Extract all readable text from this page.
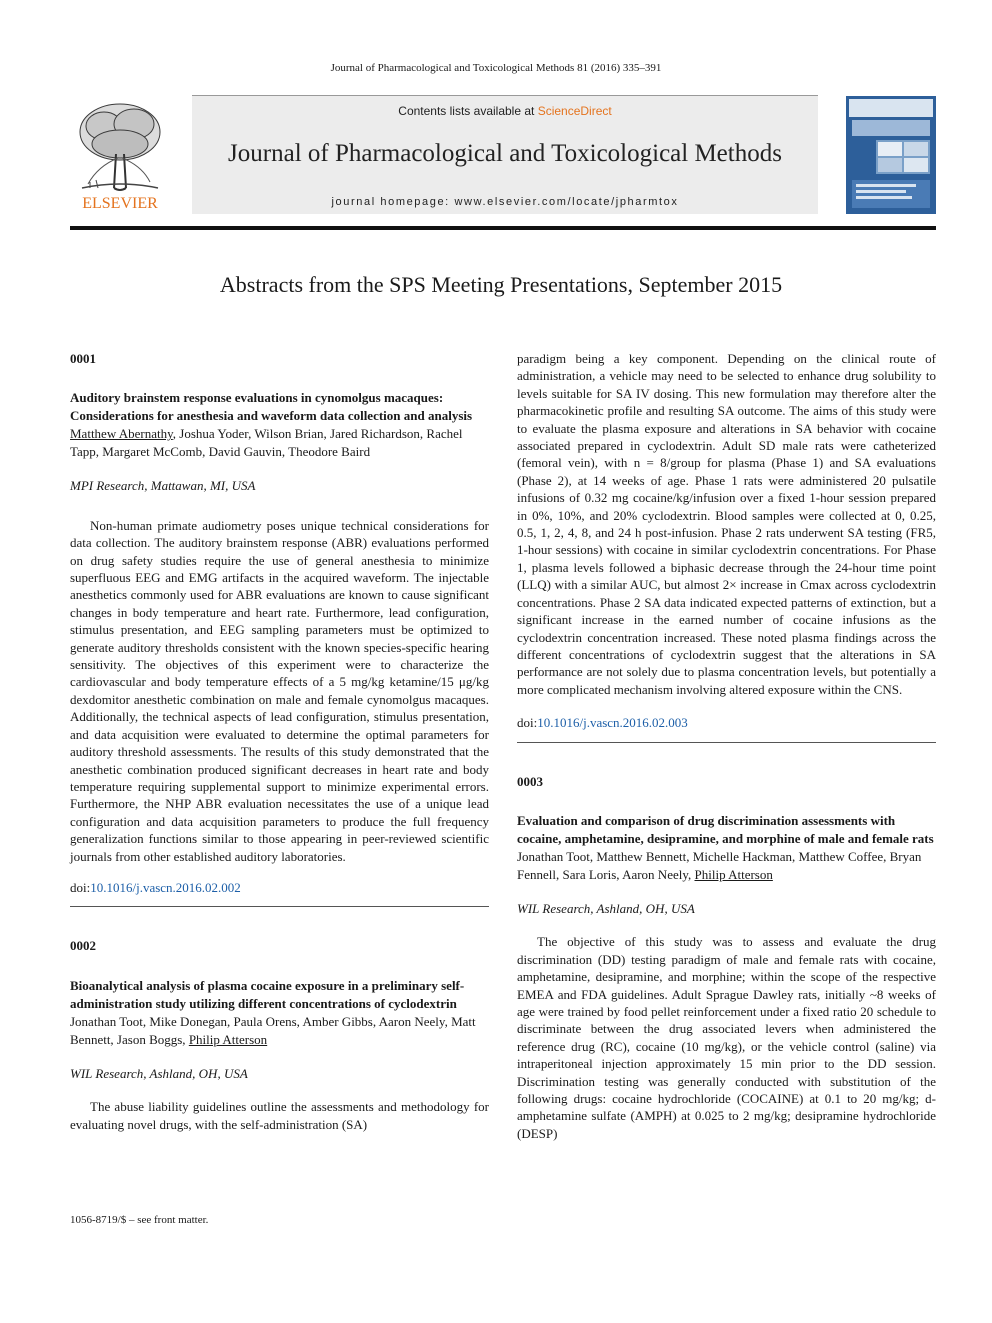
Journal of Pharmacological and Toxicological Methods 81 (2016) 335–391
ELSEVIER
Contents lists available at ScienceDirect
Journal of Pharmacological and Toxicological Methods
journal homepage: www.elsevier.com/locate/jpharmtox
Abstracts from the SPS Meeting Presentations, September 2015
0001
Auditory brainstem response evaluations in cynomolgus macaques: Considerations for anesthesia and waveform data collection and analysis
Matthew Abernathy, Joshua Yoder, Wilson Brian, Jared Richardson, Rachel Tapp, Margaret McComb, David Gauvin, Theodore Baird
MPI Research, Mattawan, MI, USA
Non-human primate audiometry poses unique technical considerations for data collection. The auditory brainstem response (ABR) evaluations performed on drug safety studies require the use of general anesthesia to minimize superfluous EEG and EMG artifacts in the acquired waveform. The injectable anesthetics commonly used for ABR evaluations are known to cause significant changes in body temperature and heart rate. Furthermore, lead configuration, stimulus presentation, and EEG sampling parameters must be optimized to generate auditory thresholds consistent with the known species-specific hearing sensitivity. The objectives of this experiment were to characterize the cardiovascular and body temperature effects of a 5 mg/kg ketamine/15 μg/kg dexdomitor anesthetic combination on male and female cynomolgus macaques. Additionally, the technical aspects of lead configuration, stimulus presentation, and data acquisition were evaluated to determine the optimal parameters for auditory threshold assessments. The results of this study demonstrated that the anesthetic combination produced significant decreases in heart rate and body temperature requiring supplemental support to minimize experimental errors. Furthermore, the NHP ABR evaluation necessitates the use of a unique lead configuration and data acquisition parameters to produce the full frequency generalization functions similar to those appearing in peer-reviewed scientific journals from other established auditory laboratories.
doi:10.1016/j.vascn.2016.02.002
0002
Bioanalytical analysis of plasma cocaine exposure in a preliminary self-administration study utilizing different concentrations of cyclodextrin
Jonathan Toot, Mike Donegan, Paula Orens, Amber Gibbs, Aaron Neely, Matt Bennett, Jason Boggs, Philip Atterson
WIL Research, Ashland, OH, USA
The abuse liability guidelines outline the assessments and methodology for evaluating novel drugs, with the self-administration (SA)
paradigm being a key component. Depending on the clinical route of administration, a vehicle may need to be selected to enhance drug solubility to levels suitable for SA IV dosing. This new formulation may therefore alter the pharmacokinetic profile and resulting SA outcome. The aims of this study were to evaluate the plasma exposure and alterations in SA behavior with cocaine associated prepared in cyclodextrin. Adult SD male rats were catheterized (femoral vein), with n = 8/group for plasma (Phase 1) and SA evaluations (Phase 2), at 14 weeks of age. Phase 1 rats were administered 20 pulsatile infusions of 0.32 mg cocaine/kg/infusion over a fixed 1-hour session prepared in 0%, 10%, and 20% cyclodextrin. Blood samples were collected at 0, 0.25, 0.5, 1, 2, 4, 8, and 24 h post-infusion. Phase 2 rats underwent SA testing (FR5, 1-hour sessions) with cocaine in similar cyclodextrin concentrations. For Phase 1, plasma levels followed a biphasic decrease through the 24-hour time point (LLQ) with a similar AUC, but almost 2× increase in Cmax across cyclodextrin concentrations. Phase 2 SA data indicated expected patterns of extinction, but a significant increase in the earned number of cocaine infusions as the cyclodextrin concentration increased. These noted plasma findings across the different concentrations of cyclodextrin suggest that the alterations in SA performance are not solely due to plasma concentration levels, but potentially a more complicated mechanism involving altered exposure within the CNS.
doi:10.1016/j.vascn.2016.02.003
0003
Evaluation and comparison of drug discrimination assessments with cocaine, amphetamine, desipramine, and morphine of male and female rats
Jonathan Toot, Matthew Bennett, Michelle Hackman, Matthew Coffee, Bryan Fennell, Sara Loris, Aaron Neely, Philip Atterson
WIL Research, Ashland, OH, USA
The objective of this study was to assess and evaluate the drug discrimination (DD) testing paradigm of male and female rats with cocaine, amphetamine, desipramine, and morphine; within the scope of the respective EMEA and FDA guidelines. Adult Sprague Dawley rats, initially ~8 weeks of age were trained by food pellet reinforcement under a fixed ratio 20 schedule to discriminate between the drug associated levers when administered the reference drug (RC), cocaine (10 mg/kg), or the vehicle control (saline) via intraperitoneal injection approximately 15 min prior to the DD session. Discrimination testing was generally conducted with substitution of the following drugs: cocaine hydrochloride (COCAINE) at 0.1 to 20 mg/kg; d-amphetamine sulfate (AMPH) at 0.025 to 2 mg/kg; desipramine hydrochloride (DESP)
1056-8719/$ – see front matter.
